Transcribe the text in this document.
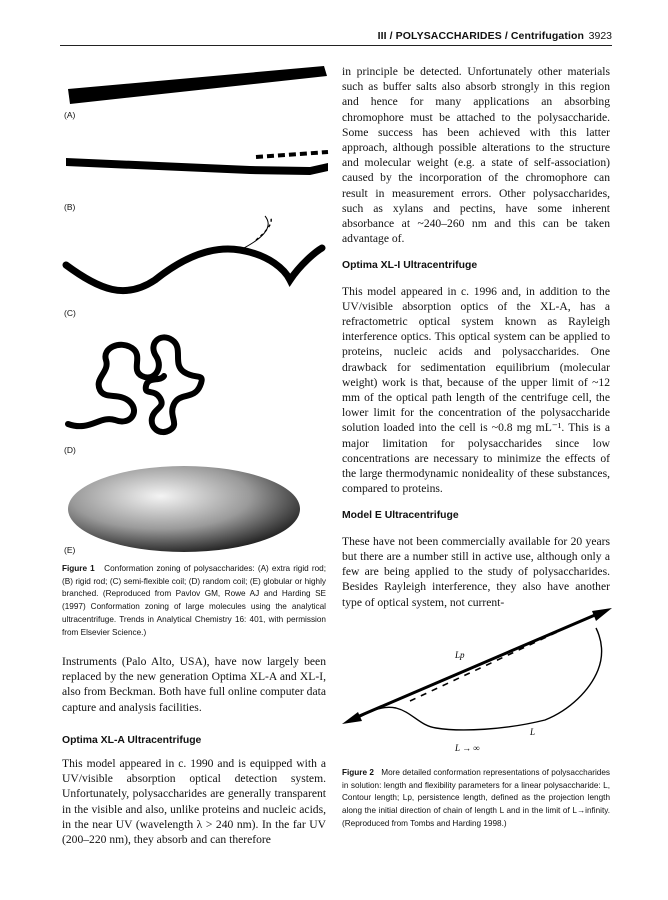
III / POLYSACCHARIDES / Centrifugation 3923
(A)
(B)
(C)
(D)
(E)
Figure 1 Conformation zoning of polysaccharides: (A) extra rigid rod; (B) rigid rod; (C) semi-flexible coil; (D) random coil; (E) globular or highly branched. (Reproduced from Pavlov GM, Rowe AJ and Harding SE (1997) Conformation zoning of large molecules using the analytical ultracentrifuge. Trends in Analytical Chemistry 16: 401, with permission from Elsevier Science.)

Instruments (Palo Alto, USA), have now largely been replaced by the new generation Optima XL-A and XL-I, also from Beckman. Both have full online computer data capture and analysis facilities.

Optima XL-A Ultracentrifuge

This model appeared in c. 1990 and is equipped with a UV/visible absorption optical detection system. Unfortunately, polysaccharides are generally transparent in the visible and also, unlike proteins and nucleic acids, in the near UV (wavelength λ > 240 nm). In the far UV (200–220 nm), they absorb and can therefore

in principle be detected. Unfortunately other materials such as buffer salts also absorb strongly in this region and hence for many applications an absorbing chromophore must be attached to the polysaccharide. Some success has been achieved with this latter approach, although possible alterations to the structure and molecular weight (e.g. a state of self-association) caused by the incorporation of the chromophore can result in measurement errors. Other polysaccharides, such as xylans and pectins, have some inherent absorbance at ~240–260 nm and this can be taken advantage of.

Optima XL-I Ultracentrifuge

This model appeared in c. 1996 and, in addition to the UV/visible absorption optics of the XL-A, has a refractometric optical system known as Rayleigh interference optics. This optical system can be applied to proteins, nucleic acids and polysaccharides. One drawback for sedimentation equilibrium (molecular weight) work is that, because of the upper limit of ~12 mm of the optical path length of the centrifuge cell, the lower limit for the concentration of the polysaccharide solution loaded into the cell is ~0.8 mg mL⁻¹. This is a major limitation for polysaccharides since low concentrations are necessary to minimize the effects of the large thermodynamic nonideality of these substances, compared to proteins.

Model E Ultracentrifuge

These have not been commercially available for 20 years but there are a number still in active use, although only a few are being applied to the study of polysaccharides. Besides Rayleigh interference, they also have another type of optical system, not current-

Lp
L
L → ∞
Figure 2 More detailed conformation representations of polysaccharides in solution: length and flexibility parameters for a linear polysaccharide: L, Contour length; Lp, persistence length, defined as the projection length along the initial direction of chain of length L and in the limit of L→infinity. (Reproduced from Tombs and Harding 1998.)
